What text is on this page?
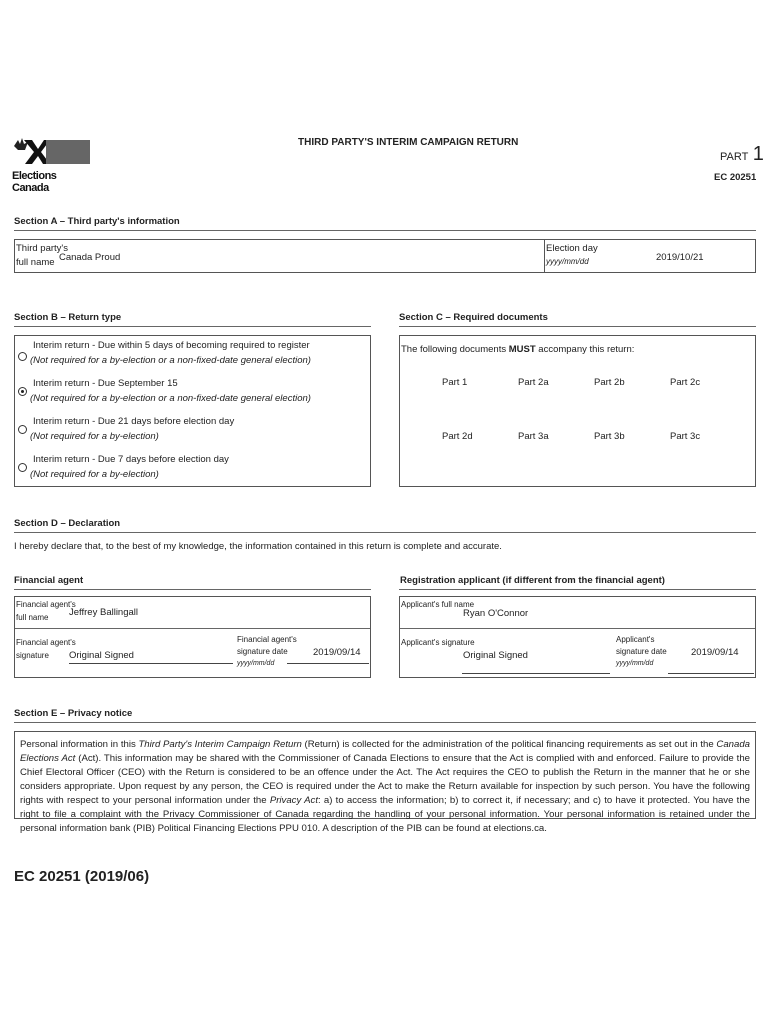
Elections Canada
THIRD PARTY'S INTERIM CAMPAIGN RETURN
PART 1
EC 20251
Section A – Third party's information
Third party's
full name Canada Proud
Election day
yyyy/mm/dd	2019/10/21
Section B – Return type
Interim return - Due within 5 days of becoming required to register
(Not required for a by-election or a non-fixed-date general election)
Interim return - Due September 15
(Not required for a by-election or a non-fixed-date general election)
Interim return - Due 21 days before election day
(Not required for a by-election)
Interim return - Due 7 days before election day
(Not required for a by-election)
Section C – Required documents
The following documents MUST accompany this return:
Part 1	Part 2a	Part 2b	Part 2c
Part 2d	Part 3a	Part 3b	Part 3c
Section D – Declaration
I hereby declare that, to the best of my knowledge, the information contained in this return is complete and accurate.
Financial agent
Financial agent's
full name	Jeffrey Ballingall
Financial agent's
signature	Original Signed
Financial agent's
signature date
yyyy/mm/dd
2019/09/14
Registration applicant (if different from the financial agent)
Applicant's full name
Ryan O'Connor
Applicant's signature
Original Signed
Applicant's
signature date
yyyy/mm/dd
2019/09/14
Section E – Privacy notice
Personal information in this Third Party's Interim Campaign Return (Return) is collected for the administration of the political financing requirements as set out in the Canada Elections Act (Act). This information may be shared with the Commissioner of Canada Elections to ensure that the Act is complied with and enforced. Failure to provide the Chief Electoral Officer (CEO) with the Return is considered to be an offence under the Act. The Act requires the CEO to publish the Return in the manner that he or she considers appropriate. Upon request by any person, the CEO is required under the Act to make the Return available for inspection by such person. You have the following rights with respect to your personal information under the Privacy Act: a) to access the information; b) to correct it, if necessary; and c) to have it protected. You have the right to file a complaint with the Privacy Commissioner of Canada regarding the handling of your personal information. Your personal information is retained under the personal information bank (PIB) Political Financing Elections PPU 010. A description of the PIB can be found at elections.ca.
EC 20251 (2019/06)
